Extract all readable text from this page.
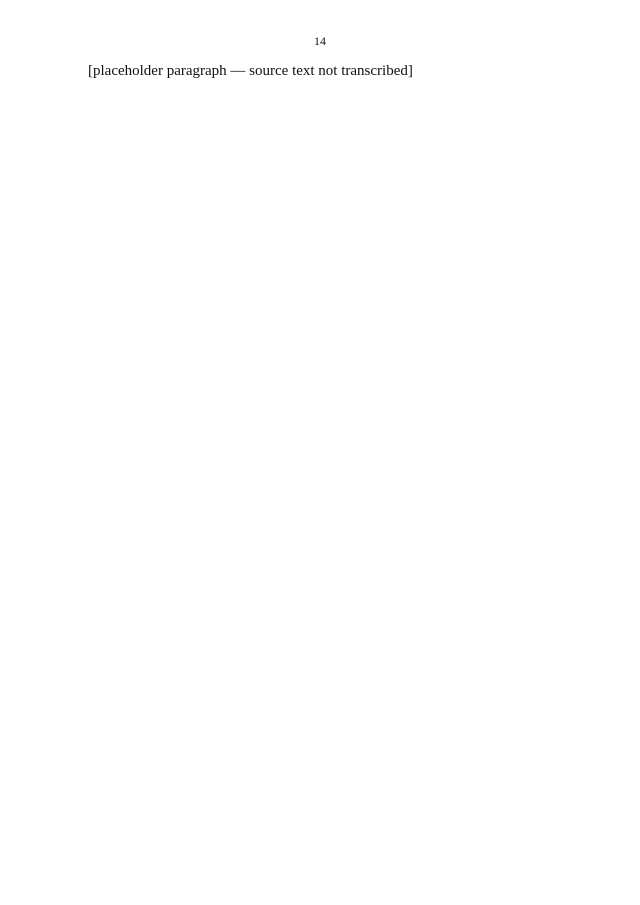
14

[placeholder paragraph — source text not transcribed]
